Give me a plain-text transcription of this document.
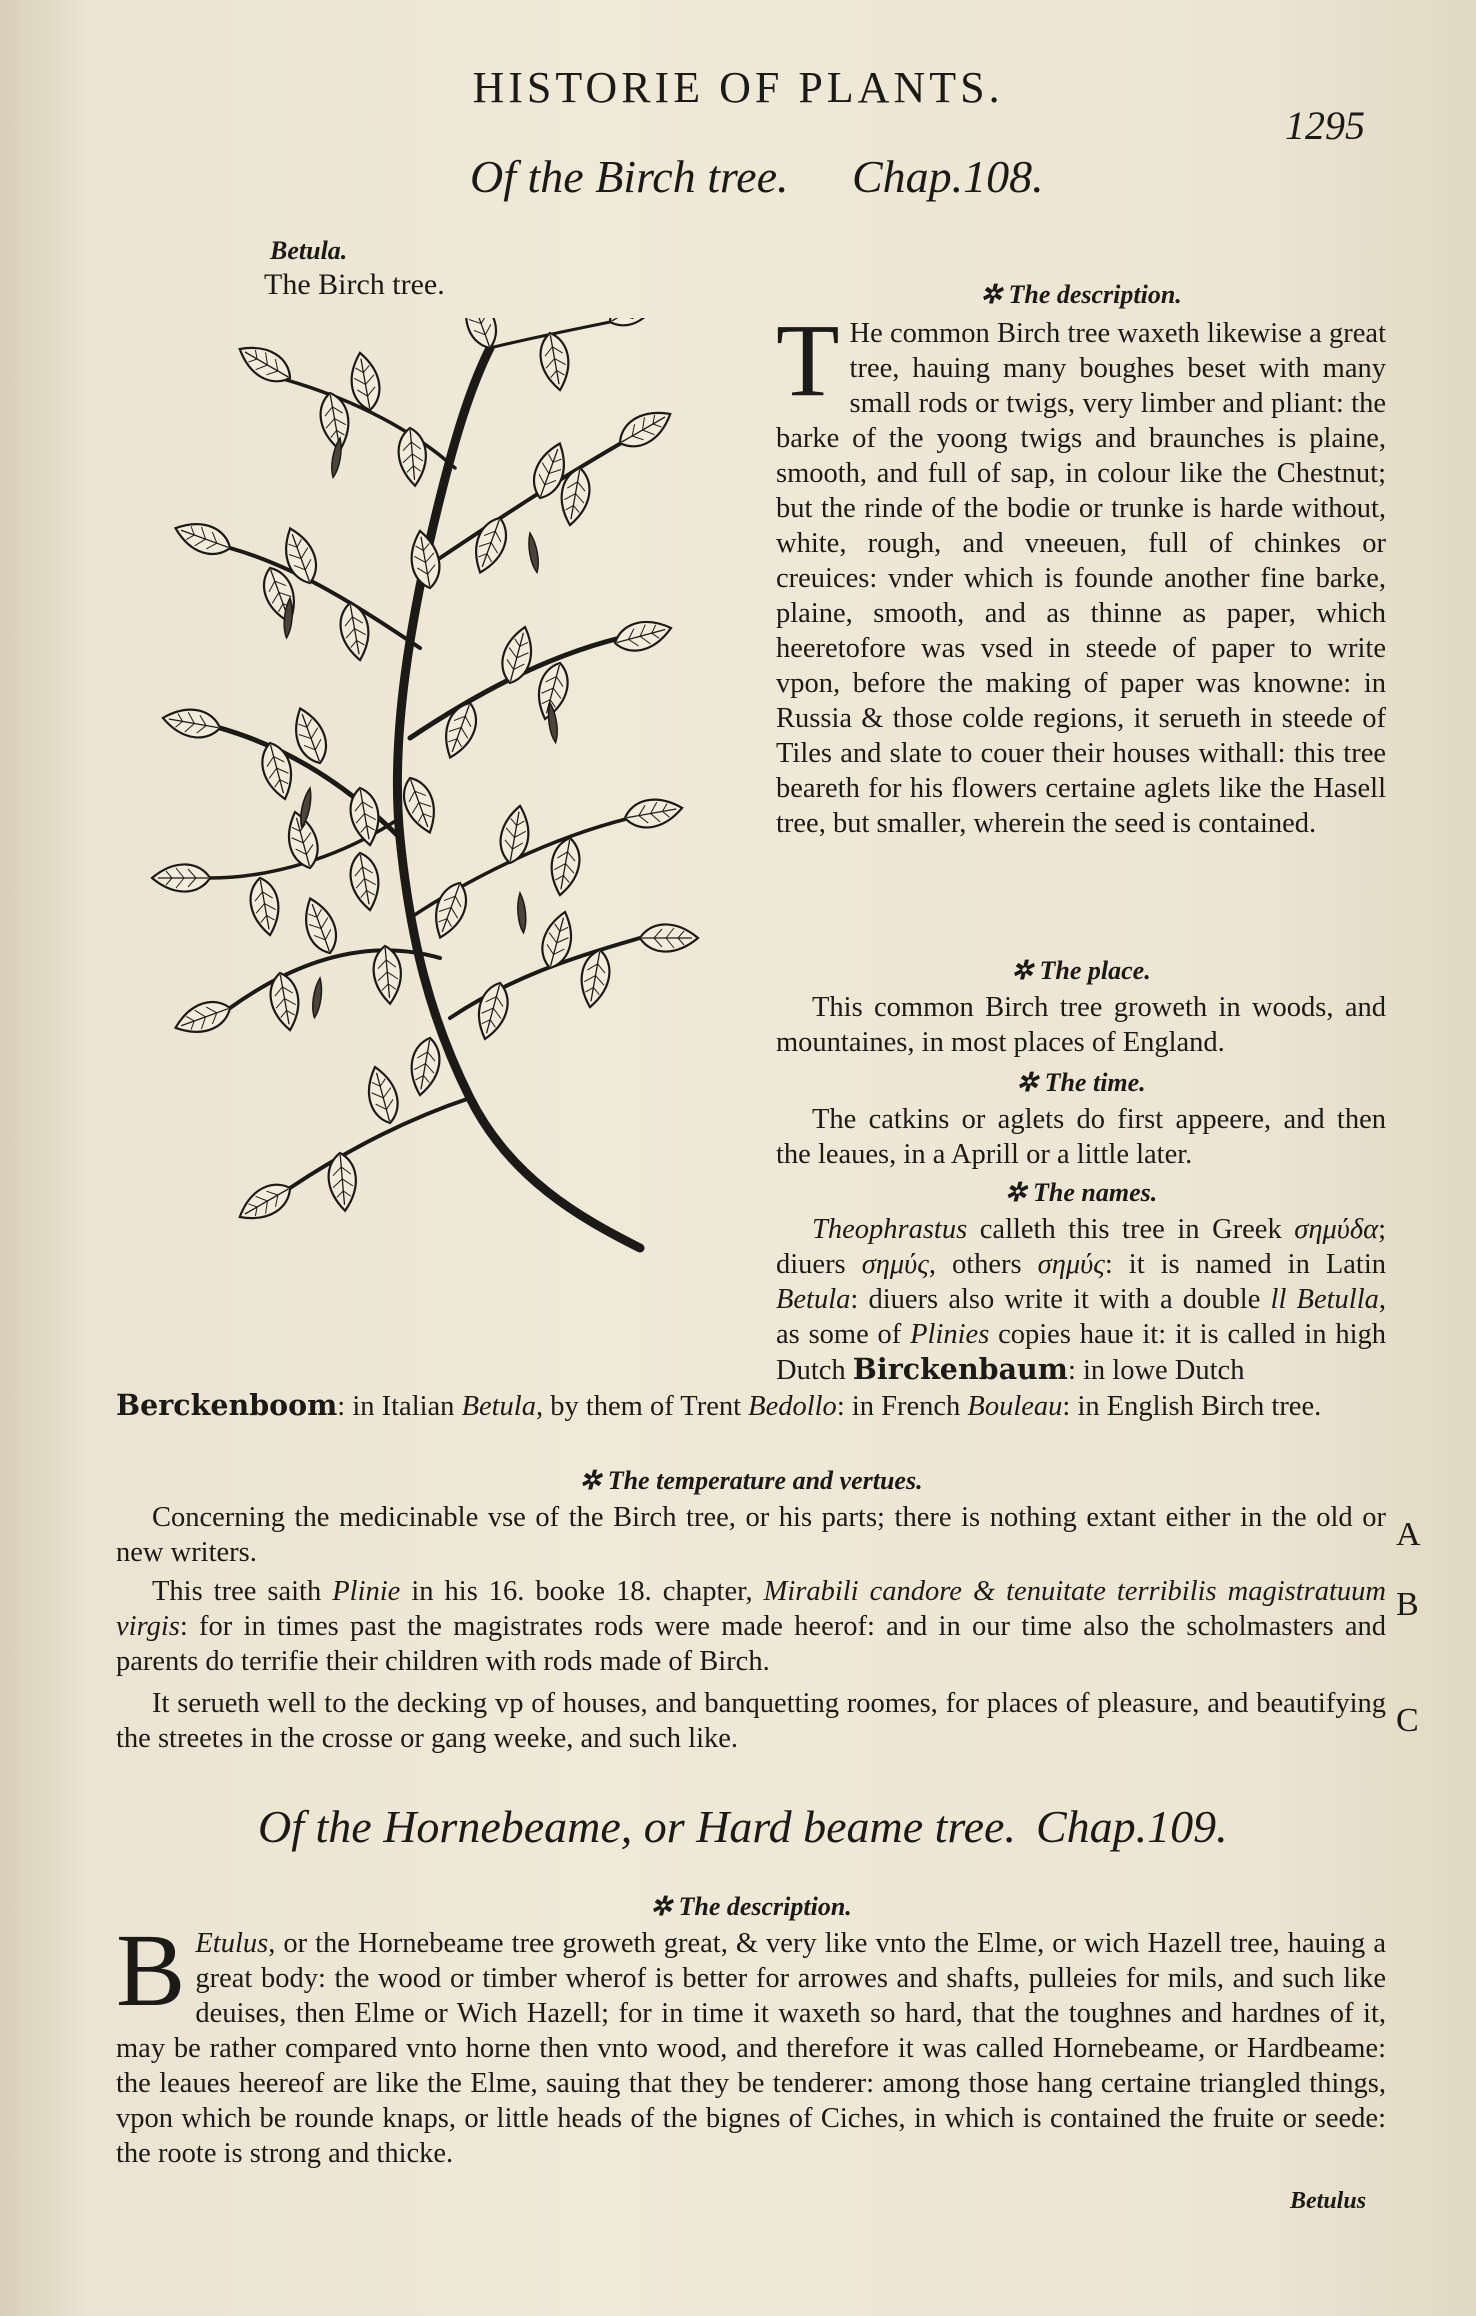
HISTORIE OF PLANTS.
1295
Of the Birch tree. Chap.108.
Betula.
The Birch tree.	✲ The description.
T He common Birch tree waxeth likewise a great tree, hauing many boughes beset with many small rods or twigs, very limber and pliant: the barke of the yoong twigs and braunches is plaine, smooth, and full of sap, in colour like the Chestnut; but the rinde of the bodie or trunke is harde without, white, rough, and vneeuen, full of chinkes or creuices: vnder which is founde another fine barke, plaine, smooth, and as thinne as paper, which heeretofore was vsed in steede of paper to write vpon, before the making of paper was knowne: in Russia & those colde regions, it serueth in steede of Tiles and slate to couer their houses withall: this tree beareth for his flowers certaine aglets like the Hasell tree, but smaller, wherein the seed is contained.
✲ The place.
This common Birch tree groweth in woods, and mountaines, in most places of England.
✲ The time.
The catkins or aglets do first appeere, and then the leaues, in a Aprill or a little later.
✲ The names.
Theophrastus calleth this tree in Greek σημύδα; diuers σημύς, others σημύς: it is named in Latin Betula: diuers also write it with a double ll Betulla, as some of Plinies copies haue it: it is called in high Dutch Birckenbaum: in lowe Dutch
Berckenboom: in Italian Betula, by them of Trent Bedollo: in French Bouleau: in English Birch tree.
✲ The temperature and vertues.
Concerning the medicinable vse of the Birch tree, or his parts; there is nothing extant either in the old or new writers.	A
This tree saith Plinie in his 16. booke 18. chapter, Mirabili candore & tenuitate terribilis magistratuum virgis: for in times past the magistrates rods were made heerof: and in our time also the scholmasters and parents do terrifie their children with rods made of Birch.
B
It serueth well to the decking vp of houses, and banquetting roomes, for places of pleasure, and beautifying the streetes in the crosse or gang weeke, and such like.	C
Of the Hornebeame, or Hard beame tree. Chap.109.
✲ The description.
B Etulus, or the Hornebeame tree groweth great, & very like vnto the Elme, or wich Hazell tree, hauing a great body: the wood or timber wherof is better for arrowes and shafts, pulleies for mils, and such like deuises, then Elme or Wich Hazell; for in time it waxeth so hard, that the toughnes and hardnes of it, may be rather compared vnto horne then vnto wood, and therefore it was called Hornebeame, or Hardbeame: the leaues heereof are like the Elme, sauing that they be tenderer: among those hang certaine triangled things, vpon which be rounde knaps, or little heads of the bignes of Ciches, in which is contained the fruite or seede: the roote is strong and thicke.
Betulus
